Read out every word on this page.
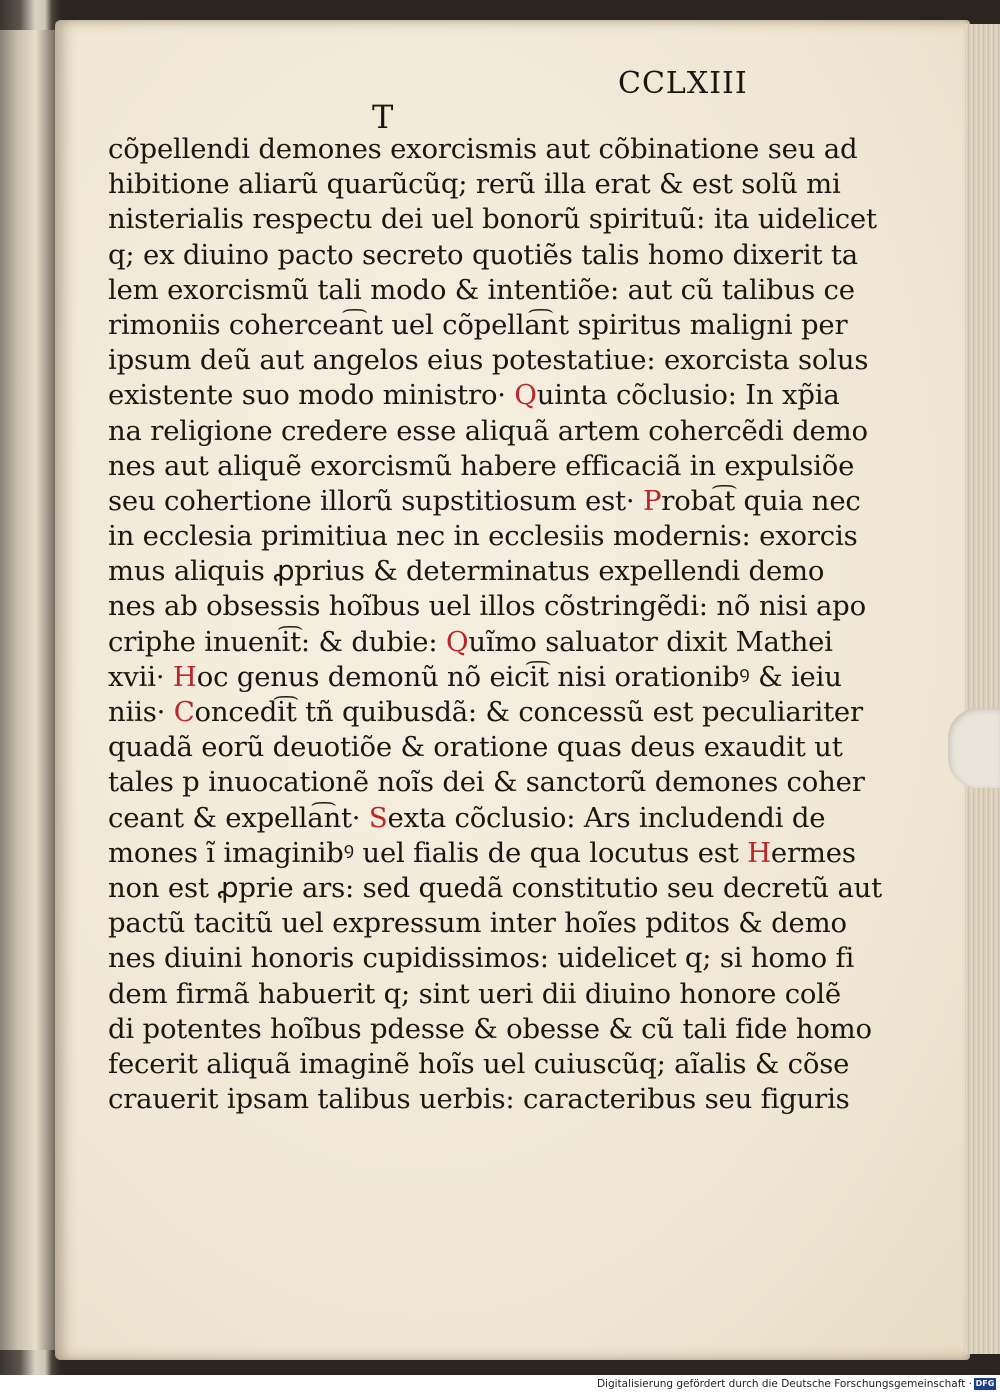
CCLXIII
T
cõpellendi demones exorcismis aut cõbinatione seu ad
hibitione aliarũ quarũcũq; rerũ illa erat & est solũ mi
nisterialis respectu dei uel bonorũ spirituũ: ita uidelicet
q; ex diuino pacto secreto quotiẽs talis homo dixerit ta
lem exorcismũ tali modo & intentiõe: aut cũ talibus ce
rimoniis cohercea͡nt uel cõpella͡nt spiritus maligni per
ipsum deũ aut angelos eius potestatiue: exorcista solus
existente suo modo ministro· Quinta cõclusio: In xp̃ia
na religione credere esse aliquã artem cohercẽdi demo
nes aut aliquẽ exorcismũ habere efficaciã in expulsiõe
seu cohertione illorũ supstitiosum est· Proba͡t quia nec
in ecclesia primitiua nec in ecclesiis modernis: exorcis
mus aliquis ꝓprius & determinatus expellendi demo
nes ab obsessis hoĩbus uel illos cõstringẽdi: nõ nisi apo
criphe inueni͡t: & dubie: Quĩmo saluator dixit Mathei
xvii· Hoc genus demonũ nõ eici͡t nisi orationibꝰ & ieiu
niis· Concedi͡t tñ quibusdã: & concessũ est peculiariter
quadã eorũ deuotiõe & oratione quas deus exaudit ut
tales p inuocationẽ noĩs dei & sanctorũ demones coher
ceant & expella͡nt· Sexta cõclusio: Ars includendi de
mones ĩ imaginibꝰ uel fialis de qua locutus est H
non est ꝓprie ars: sed quedã constitutio seu decretũ aut
pactũ tacitũ uel expressum inter hoĩes pditos & demo
nes diuini honoris cupidissimos: uidelicet q; si homo fi
dem firmã habuerit q; sint ueri dii diuino honore colẽ
di potentes hoĩbus pdesse & obesse & cũ tali fide homo
fecerit aliquã imaginẽ hoĩs uel cuiuscũq; aĩalis & cõse
crauerit ipsam talibus uerbis: caracteribus seu figuris
Digitalisierung gefördert durch die Deutsche Forschungsgemeinschaft · DFG
